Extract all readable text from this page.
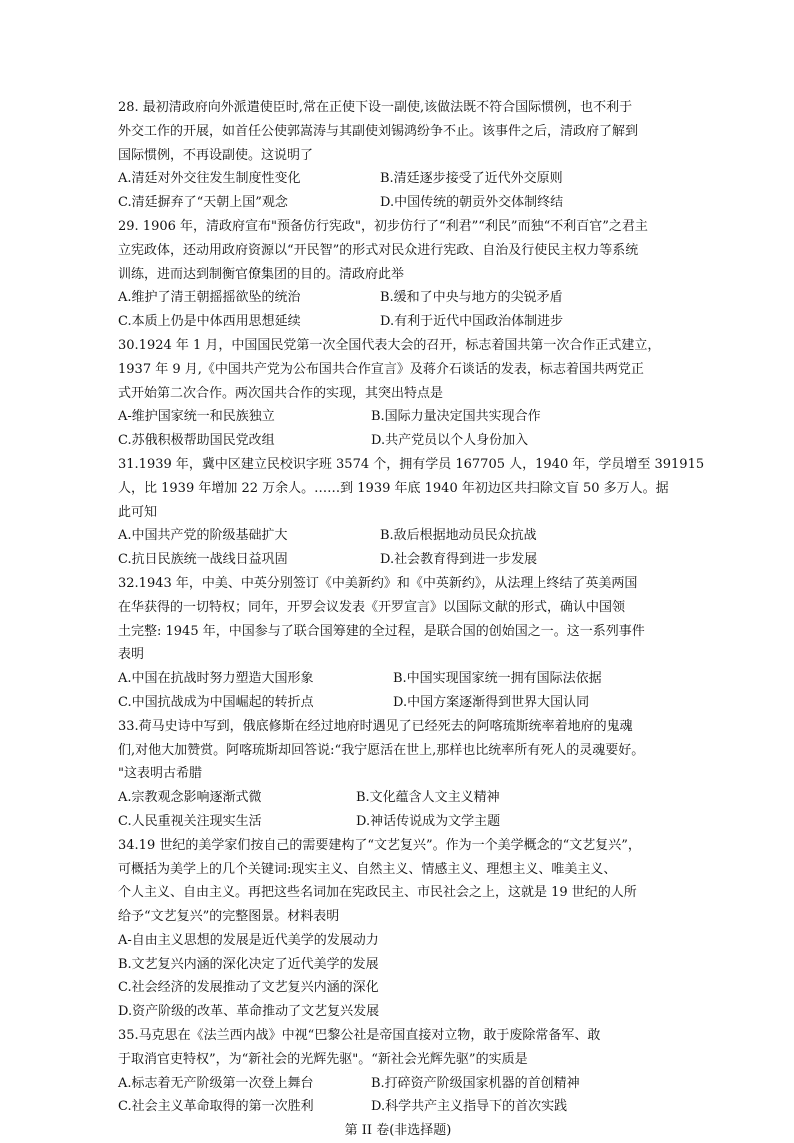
28. 最初清政府向外派遣使臣时,常在正使下设一副使,该做法既不符合国际惯例，也不利于
外交工作的开展，如首任公使郭嵩涛与其副使刘锡鸿纷争不止。该事件之后，清政府了解到
国际惯例，不再设副使。这说明了
A.清廷对外交往发生制度性变化	B.清廷逐步接受了近代外交原则
C.清廷摒弃了“天朝上国”观念	D.中国传统的朝贡外交体制终结
29. 1906 年，清政府宣布"预备仿行宪政"，初步仿行了“利君”“利民”而独“不利百官”之君主
立宪政体，还动用政府资源以“开民智”的形式对民众进行宪政、自治及行使民主权力等系统
训练，进而达到制衡官僚集团的目的。清政府此举
A.维护了清王朝摇摇欲坠的统治	B.缓和了中央与地方的尖锐矛盾
C.本质上仍是中体西用思想延续	D.有利于近代中国政治体制进步
30.1924 年 1 月，中国国民党第一次全国代表大会的召开，标志着国共第一次合作正式建立，
1937 年 9 月,《中国共产党为公布国共合作宣言》及蒋介石谈话的发表，标志着国共两党正
式开始第二次合作。两次国共合作的实现，其突出特点是
A-维护国家统一和民族独立	B.国际力量决定国共实现合作
C.苏俄积极帮助国民党改组	D.共产党员以个人身份加入
31.1939 年，冀中区建立民校识字班 3574 个，拥有学员 167705 人，1940 年，学员增至 391915
人，比 1939 年增加 22 万余人。……到 1939 年底 1940 年初边区共扫除文盲 50 多万人。据
此可知
A.中国共产党的阶级基础扩大	B.敌后根据地动员民众抗战
C.抗日民族统一战线日益巩固	D.社会教育得到进一步发展
32.1943 年，中美、中英分别签订《中美新约》和《中英新约》，从法理上终结了英美两国
在华获得的一切特权；同年，开罗会议发表《开罗宣言》以国际文献的形式，确认中国领
土完整: 1945 年，中国参与了联合国筹建的全过程，是联合国的创始国之一。这一系列事件
表明
A.中国在抗战时努力塑造大国形象	B.中国实现国家统一拥有国际法依据
C.中国抗战成为中国崛起的转折点	D.中国方案逐渐得到世界大国认同
33.荷马史诗中写到，俄底修斯在经过地府时遇见了已经死去的阿喀琉斯统率着地府的鬼魂
们,对他大加赞赏。阿喀琉斯却回答说:“我宁愿活在世上,那样也比统率所有死人的灵魂要好。
"这表明古希腊
A.宗教观念影响逐渐式微	B.文化蕴含人文主义精神
C.人民重视关注现实生活	D.神话传说成为文学主题
34.19 世纪的美学家们按自己的需要建构了“文艺复兴”。作为一个美学概念的“文艺复兴”，
可概括为美学上的几个关键词:现实主义、自然主义、情感主义、理想主义、唯美主义、
个人主义、自由主义。再把这些名词加在宪政民主、市民社会之上，这就是 19 世纪的人所
给予“文艺复兴”的完整图景。材料表明
A-自由主义思想的发展是近代美学的发展动力
B.文艺复兴内涵的深化决定了近代美学的发展
C.社会经济的发展推动了文艺复兴内涵的深化
D.资产阶级的改革、革命推动了文艺复兴发展
35.马克思在《法兰西内战》中视“巴黎公社是帝国直接对立物，敢于废除常备军、敢
于取消官吏特权”，为“新社会的光辉先驱"。“新社会光辉先驱”的实质是
A.标志着无产阶级第一次登上舞台	B.打碎资产阶级国家机器的首创精神
C.社会主义革命取得的第一次胜利	D.科学共产主义指导下的首次实践
第 II 卷(非选择题)
